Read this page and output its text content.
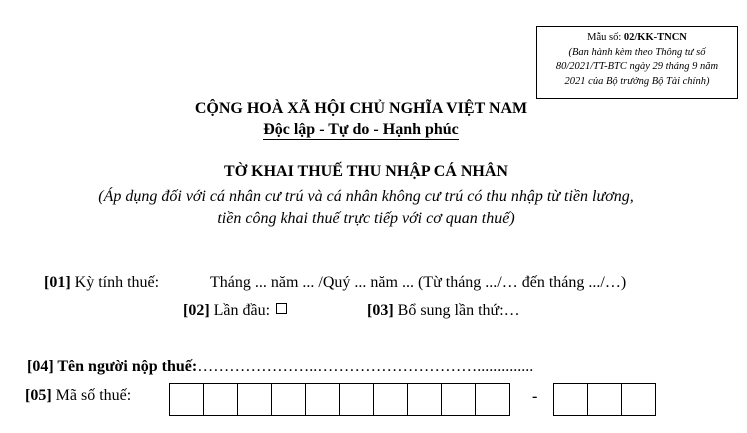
Mẫu số: 02/KK-TNCN
(Ban hành kèm theo Thông tư số
80/2021/TT-BTC ngày 29 tháng 9 năm
2021 của Bộ trưởng Bộ Tài chính)
CỘNG HOÀ XÃ HỘI CHỦ NGHĨA VIỆT NAM
Độc lập - Tự do - Hạnh phúc
TỜ KHAI THUẾ THU NHẬP CÁ NHÂN
(Áp dụng đối với cá nhân cư trú và cá nhân không cư trú có thu nhập từ tiền lương,
tiền công khai thuế trực tiếp với cơ quan thuế)
[01] Kỳ tính thuế:	Tháng ... năm ... /Quý ... năm ... (Từ tháng .../… đến tháng .../…)
[02] Lần đầu:	[03] Bổ sung lần thứ:…
[04] Tên người nộp thuế:…………………..…………………………..............
[05] Mã số thuế:	-
